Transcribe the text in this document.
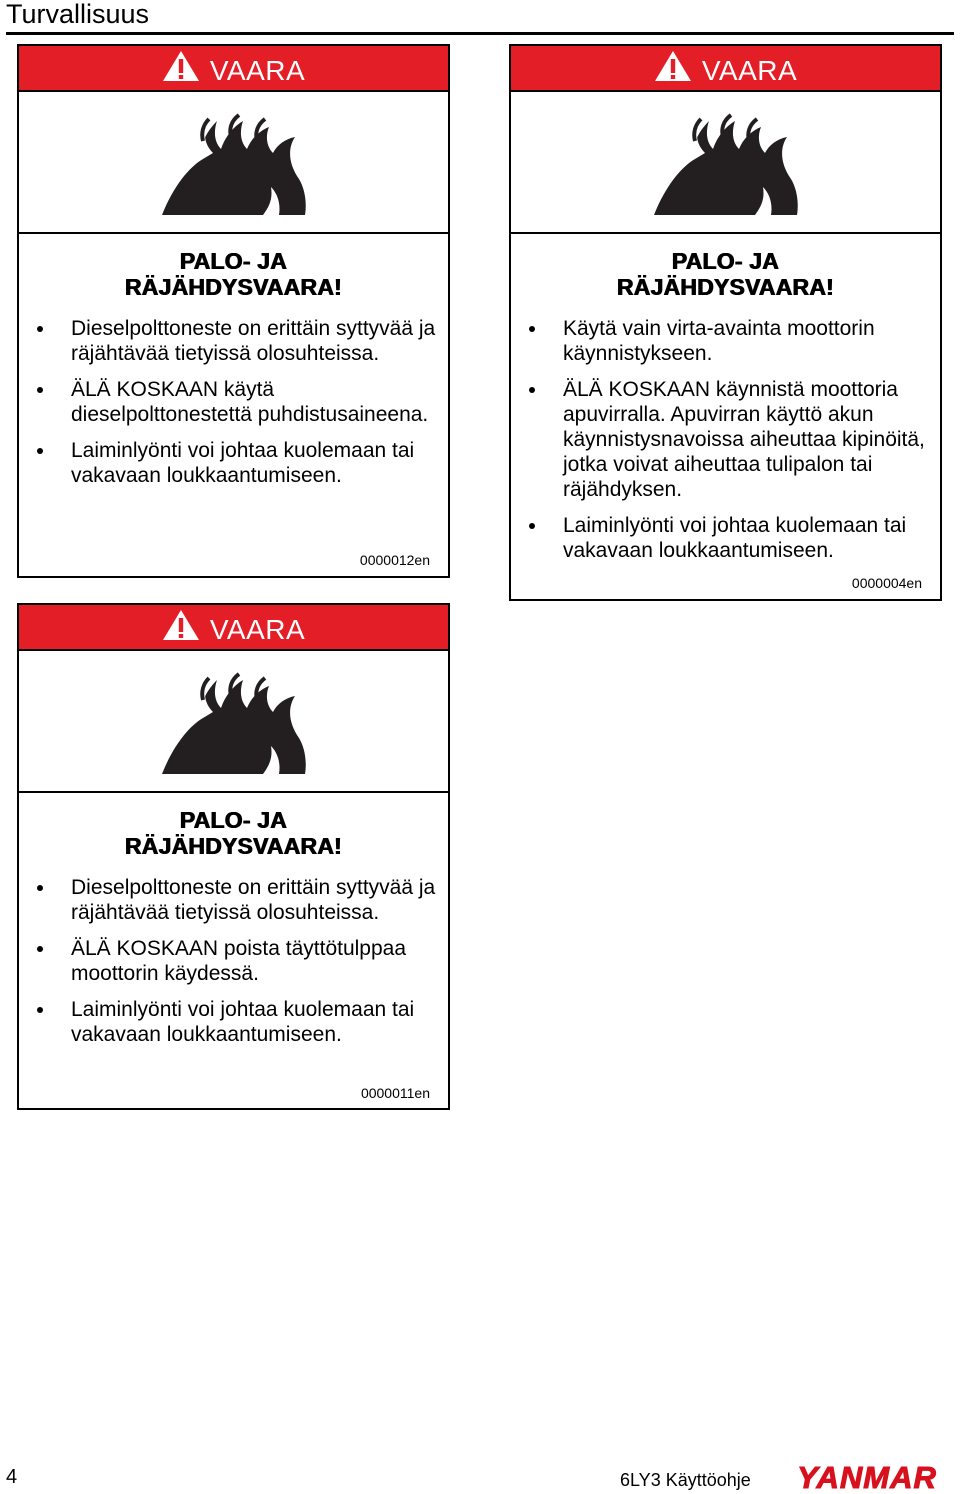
Turvallisuus
VAARA
PALO- JA
RÄJÄHDYSVAARA!
Dieselpolttoneste on erittäin syttyvää ja räjähtävää tietyissä olosuhteissa.
ÄLÄ KOSKAAN käytä dieselpolttonestettä puhdistusaineena.
Laiminlyönti voi johtaa kuolemaan tai vakavaan loukkaantumiseen.
0000012en
VAARA
PALO- JA
RÄJÄHDYSVAARA!
Käytä vain virta-avainta moottorin käynnistykseen.
ÄLÄ KOSKAAN käynnistä moottoria apuvirralla. Apuvirran käyttö akun käynnistysnavoissa aiheuttaa kipinöitä, jotka voivat aiheuttaa tulipalon tai räjähdyksen.
Laiminlyönti voi johtaa kuolemaan tai vakavaan loukkaantumiseen.
0000004en
VAARA
PALO- JA
RÄJÄHDYSVAARA!
Dieselpolttoneste on erittäin syttyvää ja räjähtävää tietyissä olosuhteissa.
ÄLÄ KOSKAAN poista täyttötulppaa moottorin käydessä.
Laiminlyönti voi johtaa kuolemaan tai vakavaan loukkaantumiseen.
0000011en
4	6LY3 Käyttöohje YANMAR
